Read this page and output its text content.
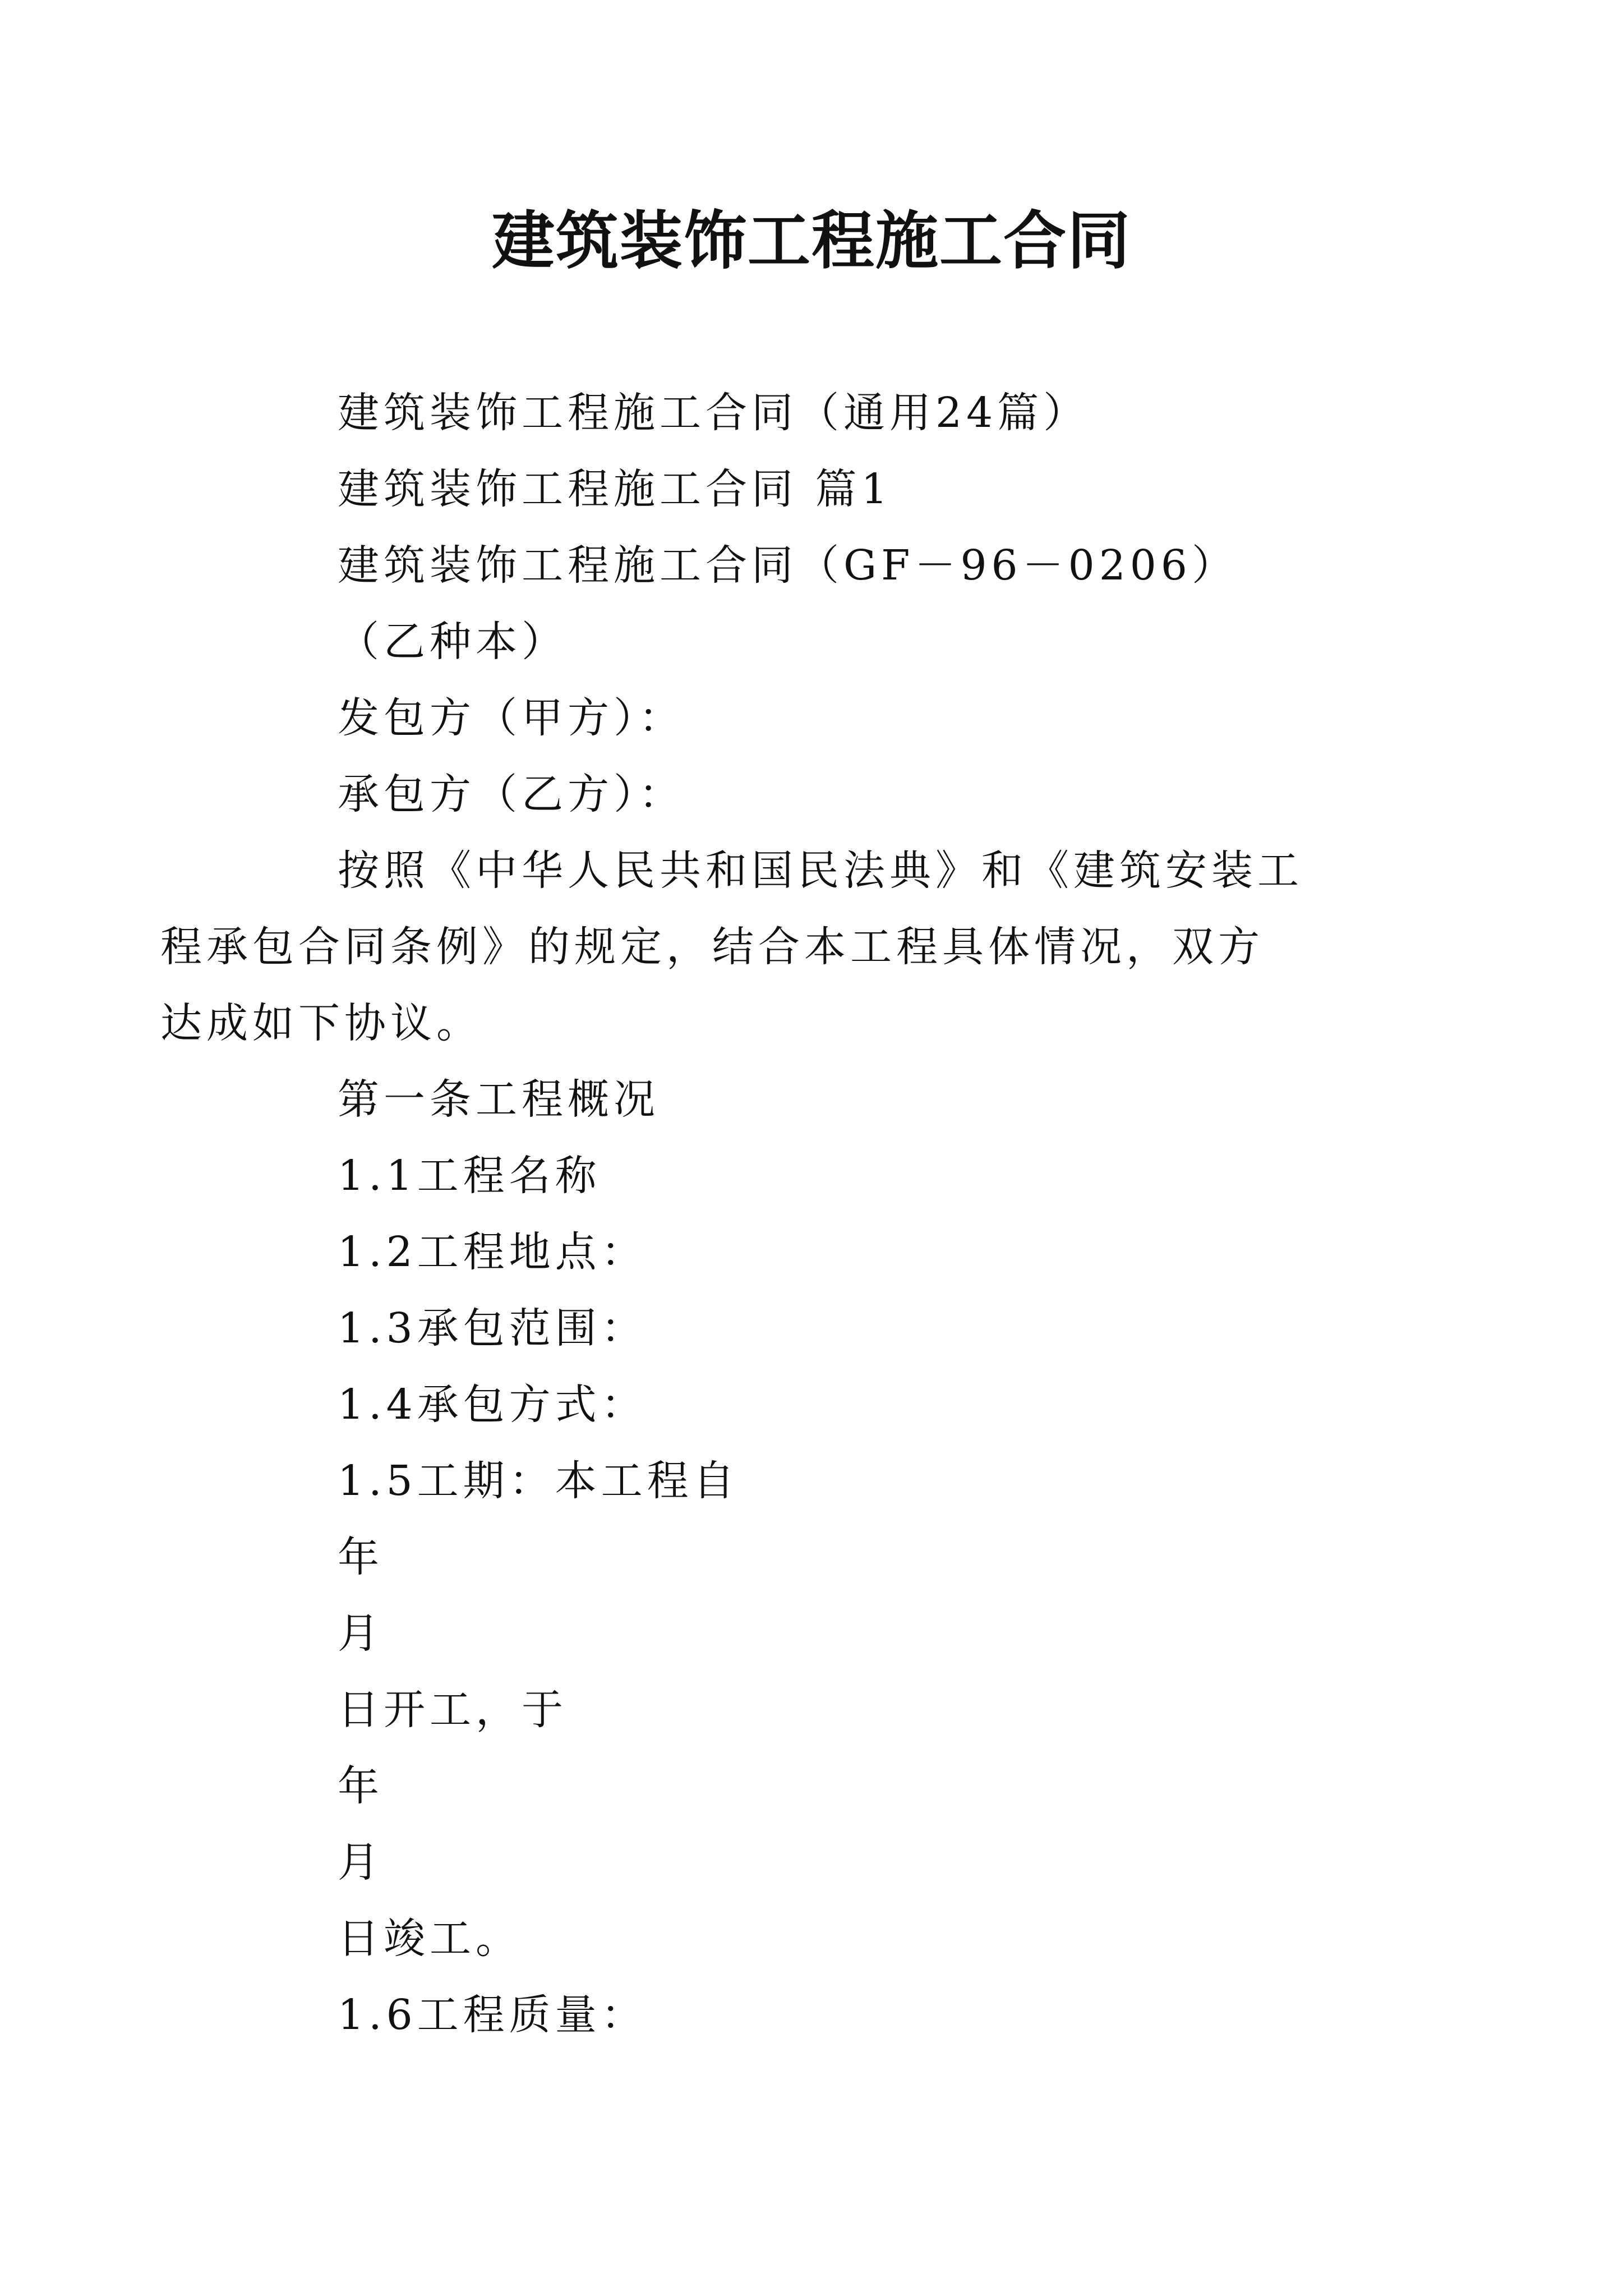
建筑装饰工程施工合同

建筑装饰工程施工合同（通用24篇）

建筑装饰工程施工合同 篇1

建筑装饰工程施工合同（GF－96－0206）

（乙种本）

发包方（甲方）：

承包方（乙方）：

按照《中华人民共和国民法典》和《建筑安装工程承包合同条例》的规定，结合本工程具体情况，双方达成如下协议。

第一条工程概况

1.1工程名称

1.2工程地点：

1.3承包范围：

1.4承包方式：

1.5工期：本工程自

年

月

日开工，于

年

月

日竣工。

1.6工程质量：
